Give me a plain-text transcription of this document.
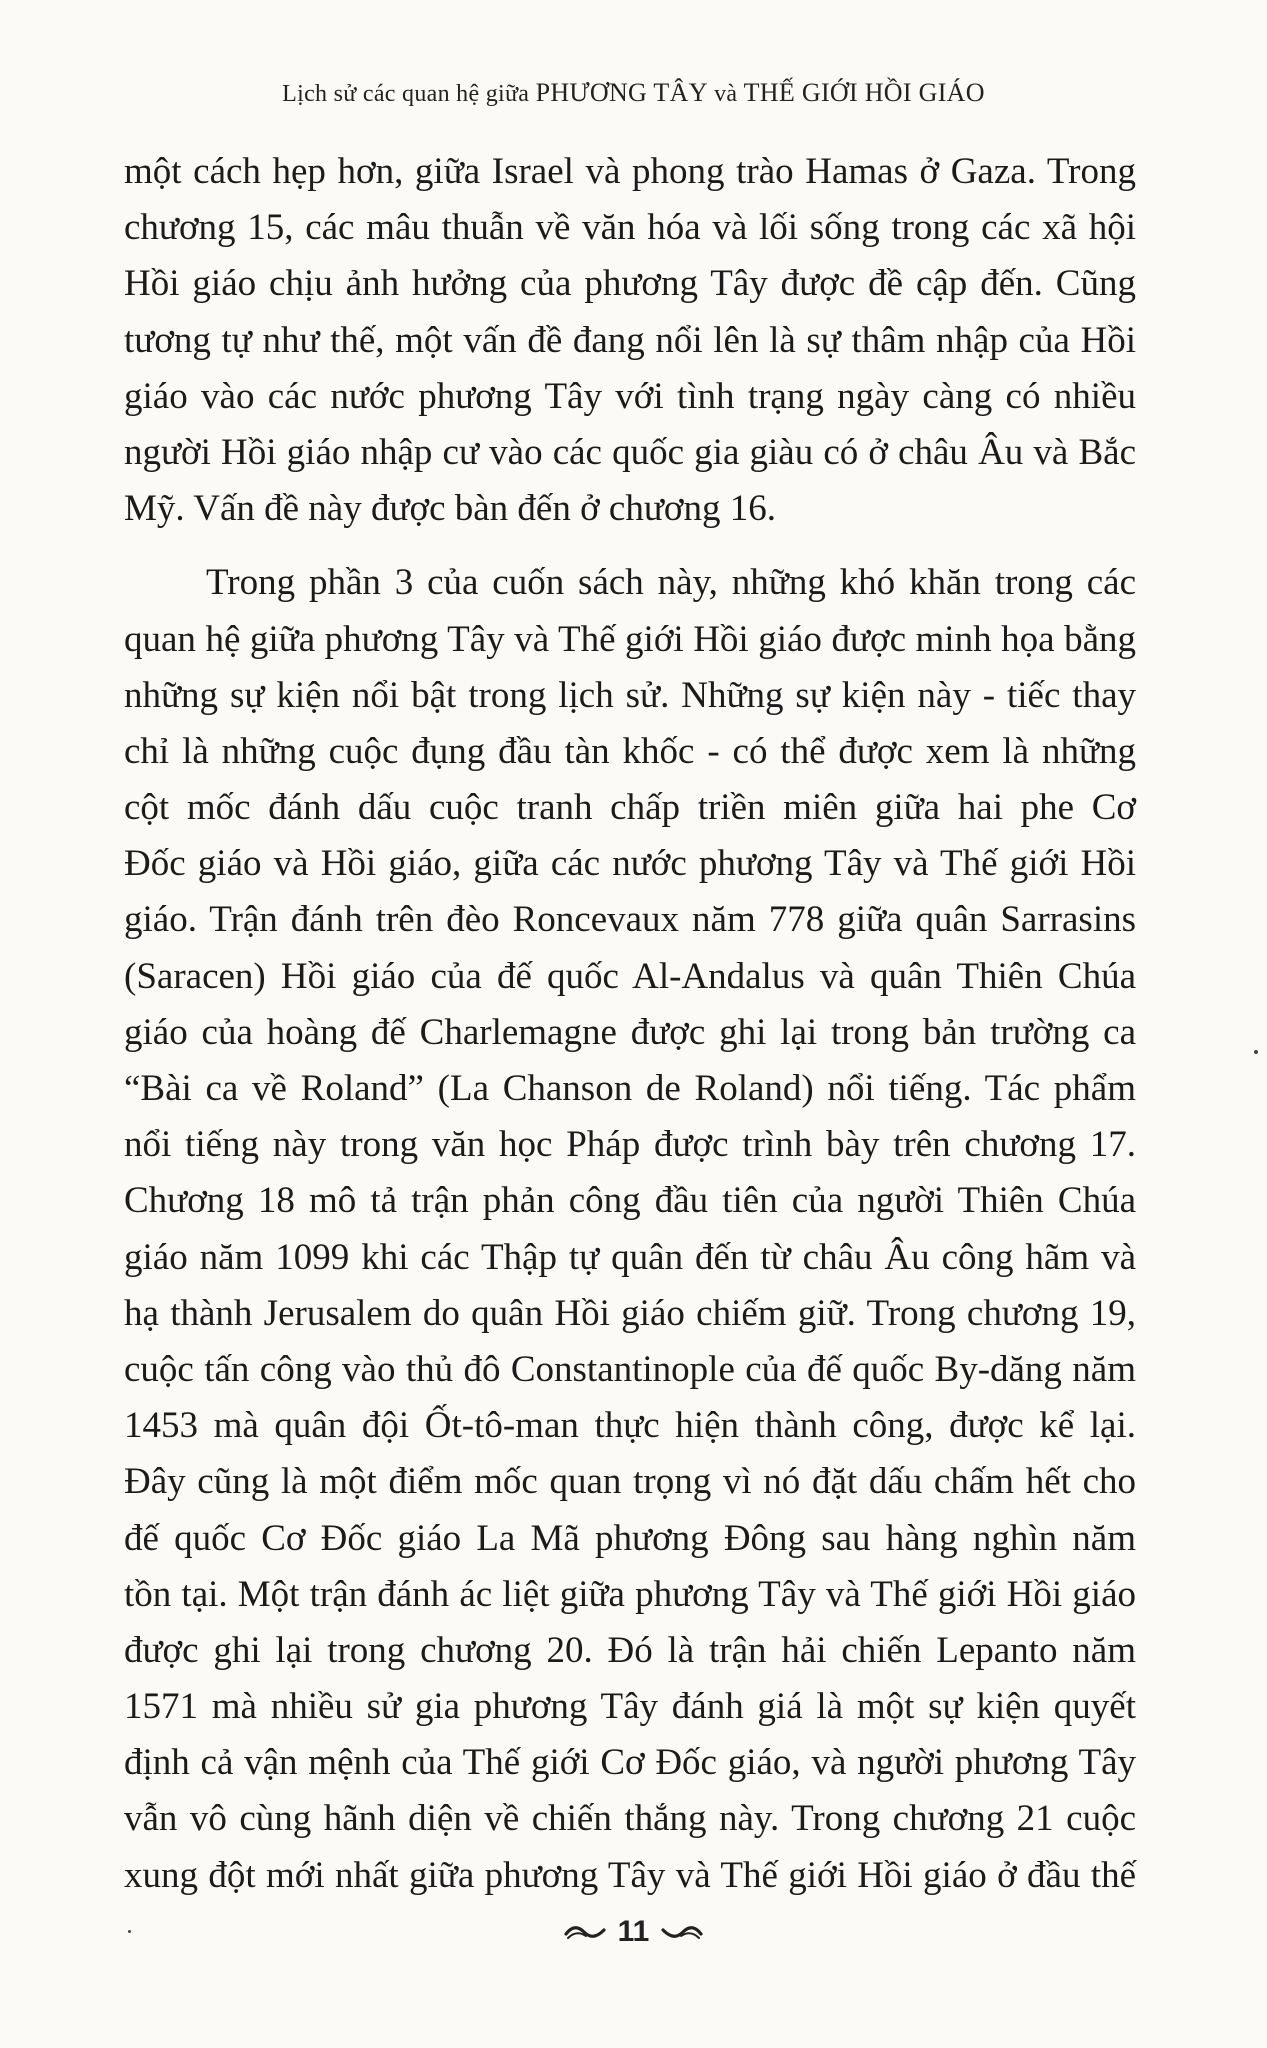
Lịch sử các quan hệ giữa PHƯƠNG TÂY và THẾ GIỚI HỒI GIÁO
một cách hẹp hơn, giữa Israel và phong trào Hamas ở Gaza. Trong
chương 15, các mâu thuẫn về văn hóa và lối sống trong các xã hội
Hồi giáo chịu ảnh hưởng của phương Tây được đề cập đến. Cũng
tương tự như thế, một vấn đề đang nổi lên là sự thâm nhập của Hồi
giáo vào các nước phương Tây với tình trạng ngày càng có nhiều
người Hồi giáo nhập cư vào các quốc gia giàu có ở châu Âu và Bắc
Mỹ. Vấn đề này được bàn đến ở chương 16.
Trong phần 3 của cuốn sách này, những khó khăn trong các
quan hệ giữa phương Tây và Thế giới Hồi giáo được minh họa bằng
những sự kiện nổi bật trong lịch sử. Những sự kiện này - tiếc thay
chỉ là những cuộc đụng đầu tàn khốc - có thể được xem là những
cột mốc đánh dấu cuộc tranh chấp triền miên giữa hai phe Cơ
Đốc giáo và Hồi giáo, giữa các nước phương Tây và Thế giới Hồi
giáo. Trận đánh trên đèo Roncevaux năm 778 giữa quân Sarrasins
(Saracen) Hồi giáo của đế quốc Al-Andalus và quân Thiên Chúa
giáo của hoàng đế Charlemagne được ghi lại trong bản trường ca
“Bài ca về Roland” (La Chanson de Roland) nổi tiếng. Tác phẩm
nổi tiếng này trong văn học Pháp được trình bày trên chương 17.
Chương 18 mô tả trận phản công đầu tiên của người Thiên Chúa
giáo năm 1099 khi các Thập tự quân đến từ châu Âu công hãm và
hạ thành Jerusalem do quân Hồi giáo chiếm giữ. Trong chương 19,
cuộc tấn công vào thủ đô Constantinople của đế quốc By-dăng năm
1453 mà quân đội Ốt-tô-man thực hiện thành công, được kể lại.
Đây cũng là một điểm mốc quan trọng vì nó đặt dấu chấm hết cho
đế quốc Cơ Đốc giáo La Mã phương Đông sau hàng nghìn năm
tồn tại. Một trận đánh ác liệt giữa phương Tây và Thế giới Hồi giáo
được ghi lại trong chương 20. Đó là trận hải chiến Lepanto năm
1571 mà nhiều sử gia phương Tây đánh giá là một sự kiện quyết
định cả vận mệnh của Thế giới Cơ Đốc giáo, và người phương Tây
vẫn vô cùng hãnh diện về chiến thắng này. Trong chương 21 cuộc
xung đột mới nhất giữa phương Tây và Thế giới Hồi giáo ở đầu thế
11
